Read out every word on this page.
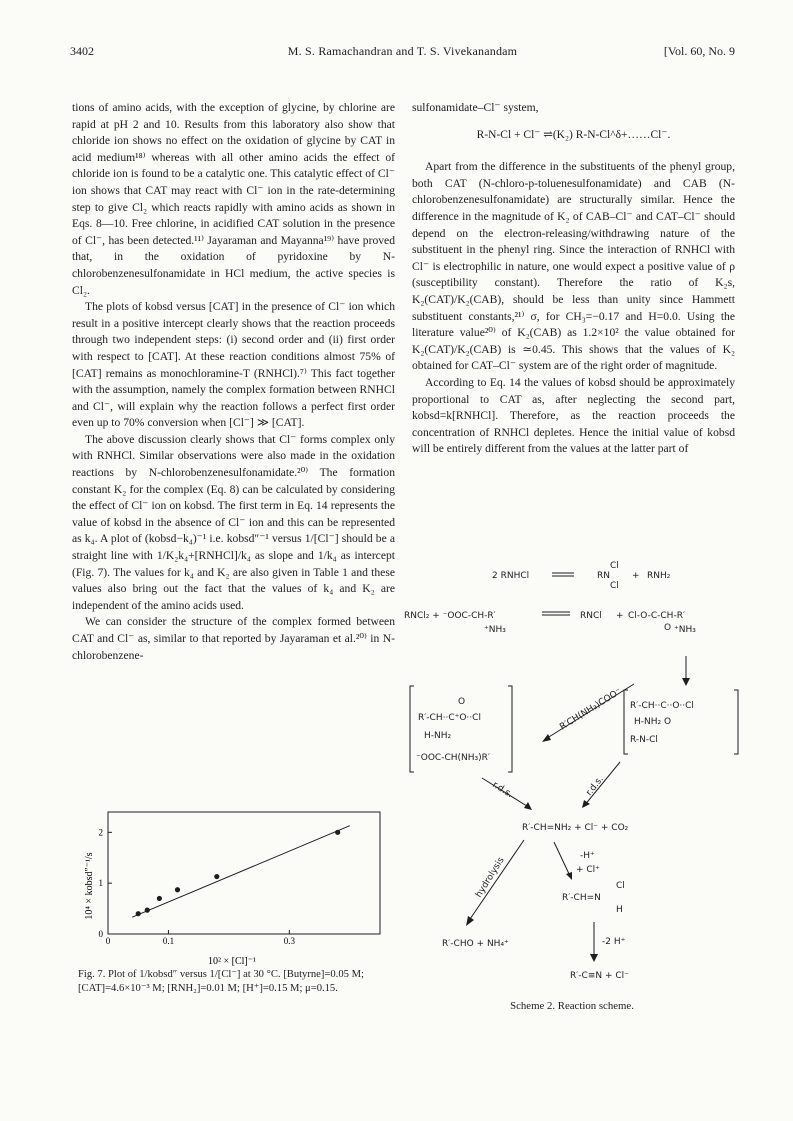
3402	M. S. Ramachandran and T. S. Vivekanandam	[Vol. 60, No. 9

tions of amino acids, with the exception of glycine, by chlorine are rapid at pH 2 and 10. Results from this laboratory also show that chloride ion shows no effect on the oxidation of glycine by CAT in acid medium¹⁸⁾ whereas with all other amino acids the effect of chloride ion is found to be a catalytic one. This catalytic effect of Cl⁻ ion shows that CAT may react with Cl⁻ ion in the rate-determining step to give Cl₂ which reacts rapidly with amino acids as shown in Eqs. 8—10. Free chlorine, in acidified CAT solution in the presence of Cl⁻, has been detected.¹¹⁾ Jayaraman and Mayanna¹⁹⁾ have proved that, in the oxidation of pyridoxine by N-chlorobenzenesulfonamidate in HCl medium, the active species is Cl₂.

The plots of kobsd versus [CAT] in the presence of Cl⁻ ion which result in a positive intercept clearly shows that the reaction proceeds through two independent steps: (i) second order and (ii) first order with respect to [CAT]. At these reaction conditions almost 75% of [CAT] remains as monochloramine-T (RNHCl).⁷⁾ This fact together with the assumption, namely the complex formation between RNHCl and Cl⁻, will explain why the reaction follows a perfect first order even up to 70% conversion when [Cl⁻] ≫ [CAT].

The above discussion clearly shows that Cl⁻ forms complex only with RNHCl. Similar observations were also made in the oxidation reactions by N-chlorobenzenesulfonamidate.²⁰⁾ The formation constant K₂ for the complex (Eq. 8) can be calculated by considering the effect of Cl⁻ ion on kobsd. The first term in Eq. 14 represents the value of kobsd in the absence of Cl⁻ ion and this can be represented as k₄. A plot of (kobsd−k₄)⁻¹ i.e. kobsd″⁻¹ versus 1/[Cl⁻] should be a straight line with 1/K₂k₄+[RNHCl]/k₄ as slope and 1/k₄ as intercept (Fig. 7). The values for k₄ and K₂ are also given in Table 1 and these values also bring out the fact that the values of k₄ and K₂ are independent of the amino acids used.

We can consider the structure of the complex formed between CAT and Cl⁻ as, similar to that reported by Jayaraman et al.²⁰⁾ in N-chlorobenzene-

sulfonamidate–Cl⁻ system,

R-N-Cl + Cl⁻ ⇌(K₂) R-N-Cl^δ+……Cl⁻.

Apart from the difference in the substituents of the phenyl group, both CAT (N-chloro-p-toluenesulfonamidate) and CAB (N-chlorobenzenesulfonamidate) are structurally similar. Hence the difference in the magnitude of K₂ of CAB–Cl⁻ and CAT–Cl⁻ should depend on the electron-releasing/withdrawing nature of the substituent in the phenyl ring. Since the interaction of RNHCl with Cl⁻ is electrophilic in nature, one would expect a positive value of ρ (susceptibility constant). Therefore the ratio of K₂s, K₂(CAT)/K₂(CAB), should be less than unity since Hammett substituent constants,²¹⁾ σ, for CH₃=−0.17 and H=0.0. Using the literature value²⁰⁾ of K₂(CAB) as 1.2×10² the value obtained for K₂(CAT)/K₂(CAB) is ≃0.45. This shows that the values of K₂ obtained for CAT–Cl⁻ system are of the right order of magnitude.

According to Eq. 14 the values of kobsd should be approximately proportional to CAT as, after neglecting the second part, kobsd=k[RNHCl]. Therefore, as the reaction proceeds the concentration of RNHCl depletes. Hence the initial value of kobsd will be entirely different from the values at the latter part of

0	0.1	0.3
0
1
2
10⁴ × kobsd″⁻¹/s
10² × [Cl]⁻¹
Fig. 7. Plot of 1/kobsd″ versus 1/[Cl⁻] at 30 °C. [Butyrne]=0.05 M; [CAT]=4.6×10⁻³ M; [RNH₂]=0.01 M; [H⁺]=0.15 M; μ=0.15.
2 RNHCl	RN
Cl
Cl
+ RNH₂
RNCl₂ + ⁻OOC-CH-R′
⁺NH₃
RNCl + Cl-O-C-CH-R′
O ⁺NH₃
R′CH(NH₃)COO⁻
O
R′-CH··C⁺O··Cl
H-NH₂
⁻OOC-CH(NH₃)R′
R′-CH··C··O··Cl
H-NH₂ O
R-N-Cl
r.d.s.	r.d.s.
R′-CH=NH₂ + Cl⁻ + CO₂
hydrolysis	-H⁺
+ Cl⁺
Cl
R′-CH=N
H
R′-CHO + NH₄⁺	-2 H⁺
R′-C≡N + Cl⁻
Scheme 2. Reaction scheme.
